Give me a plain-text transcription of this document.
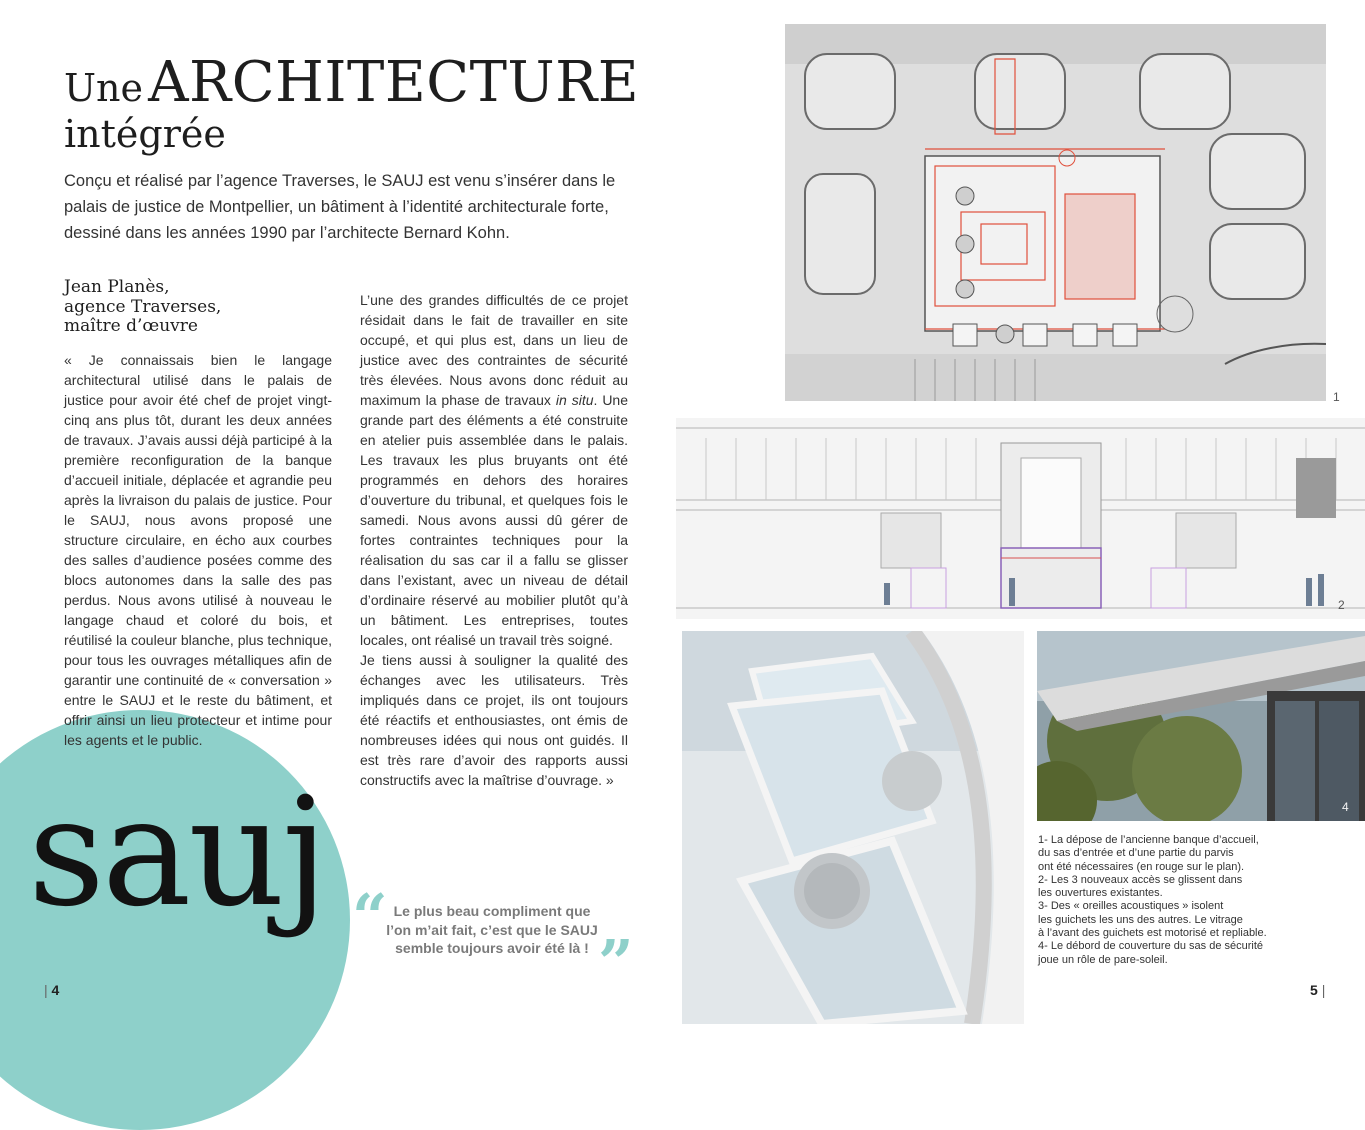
sauj
Une ARCHITECTURE
intégrée
Conçu et réalisé par l’agence Traverses, le SAUJ est venu s’insérer dans le palais de justice de Montpellier, un bâtiment à l’identité architecturale forte, dessiné dans les années 1990 par l’architecte Bernard Kohn.
Jean Planès,
agence Traverses,
maître d’œuvre

« Je connaissais bien le langage architectural utilisé dans le palais de justice pour avoir été chef de projet vingt-cinq ans plus tôt, durant les deux années de travaux. J’avais aussi déjà participé à la première reconfiguration de la banque d’accueil initiale, déplacée et agrandie peu après la livraison du palais de justice. Pour le SAUJ, nous avons proposé une structure circulaire, en écho aux courbes des salles d’audience posées comme des blocs autonomes dans la salle des pas perdus. Nous avons utilisé à nouveau le langage chaud et coloré du bois, et réutilisé la couleur blanche, plus technique, pour tous les ouvrages métalliques afin de garantir une continuité de « conversation » entre le SAUJ et le reste du bâtiment, et offrir ainsi un lieu protecteur et intime pour les agents et le public.

L’une des grandes difficultés de ce projet résidait dans le fait de travailler en site occupé, et qui plus est, dans un lieu de justice avec des contraintes de sécurité très élevées. Nous avons donc réduit au maximum la phase de travaux in situ. Une grande part des éléments a été construite en atelier puis assemblée dans le palais. Les travaux les plus bruyants ont été programmés en dehors des horaires d’ouverture du tribunal, et quelques fois le samedi. Nous avons aussi dû gérer de fortes contraintes techniques pour la réalisation du sas car il a fallu se glisser dans l’existant, avec un niveau de détail d’ordinaire réservé au mobilier plutôt qu’à un bâtiment. Les entreprises, toutes locales, ont réalisé un travail très soigné.

Je tiens aussi à souligner la qualité des échanges avec les utilisateurs. Très impliqués dans ce projet, ils ont toujours été réactifs et enthousiastes, ont émis de nombreuses idées qui nous ont guidés. Il est très rare d’avoir des rapports aussi constructifs avec la maîtrise d’ouvrage. »

“ Le plus beau compliment que
l’on m’ait fait, c’est que le SAUJ
semble toujours avoir été là ! ”
| 4
1
2
3
4
1- La dépose de l’ancienne banque d’accueil,
du sas d’entrée et d’une partie du parvis
ont été nécessaires (en rouge sur le plan).
2- Les 3 nouveaux accès se glissent dans
les ouvertures existantes.
3- Des « oreilles acoustiques » isolent
les guichets les uns des autres. Le vitrage
à l’avant des guichets est motorisé et repliable.
4- Le débord de couverture du sas de sécurité
joue un rôle de pare-soleil.
5 |
